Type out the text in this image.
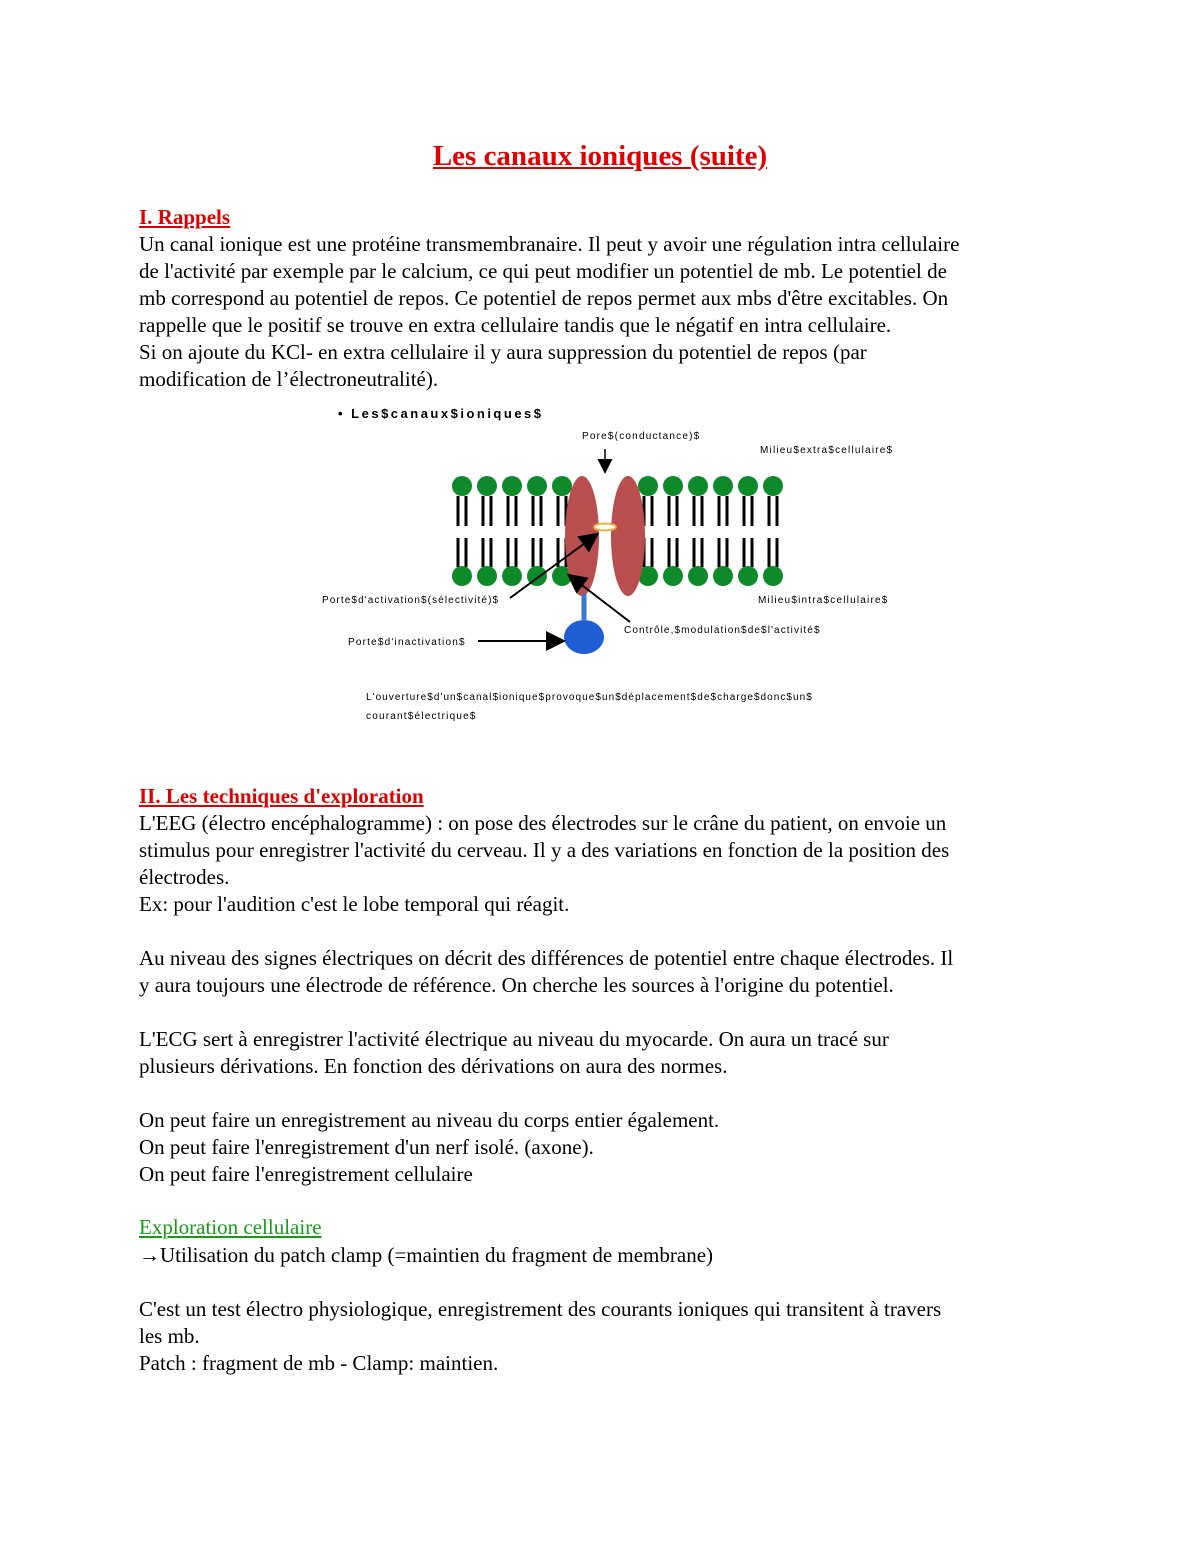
Les canaux ioniques (suite)
I. Rappels
Un canal ionique est une protéine transmembranaire. Il peut y avoir une régulation intra cellulaire
de l'activité par exemple par le calcium, ce qui peut modifier un potentiel de mb. Le potentiel de
mb correspond au potentiel de repos. Ce potentiel de repos permet aux mbs d'être excitables. On
rappelle que le positif se trouve en extra cellulaire tandis que le négatif en intra cellulaire.
Si on ajoute du KCl- en extra cellulaire il y aura suppression du potentiel de repos (par
modification de l’électroneutralité).
• Les$canaux$ioniques$
Pore$(conductance)$
Milieu$extra$cellulaire$
Porte$d'activation$(sélectivité)$	Milieu$intra$cellulaire$
Contrôle,$modulation$de$l'activité$
Porte$d'inactivation$
L'ouverture$d'un$canal$ionique$provoque$un$déplacement$de$charge$donc$un$
courant$électrique$
II. Les techniques d'exploration
L'EEG (électro encéphalogramme) : on pose des électrodes sur le crâne du patient, on envoie un
stimulus pour enregistrer l'activité du cerveau. Il y a des variations en fonction de la position des
électrodes.
Ex: pour l'audition c'est le lobe temporal qui réagit.
Au niveau des signes électriques on décrit des différences de potentiel entre chaque électrodes. Il
y aura toujours une électrode de référence. On cherche les sources à l'origine du potentiel.
L'ECG sert à enregistrer l'activité électrique au niveau du myocarde. On aura un tracé sur
plusieurs dérivations. En fonction des dérivations on aura des normes.
On peut faire un enregistrement au niveau du corps entier également.
On peut faire l'enregistrement d'un nerf isolé. (axone).
On peut faire l'enregistrement cellulaire
Exploration cellulaire
→Utilisation du patch clamp (=maintien du fragment de membrane)
C'est un test électro physiologique, enregistrement des courants ioniques qui transitent à travers
les mb.
Patch : fragment de mb - Clamp: maintien.
